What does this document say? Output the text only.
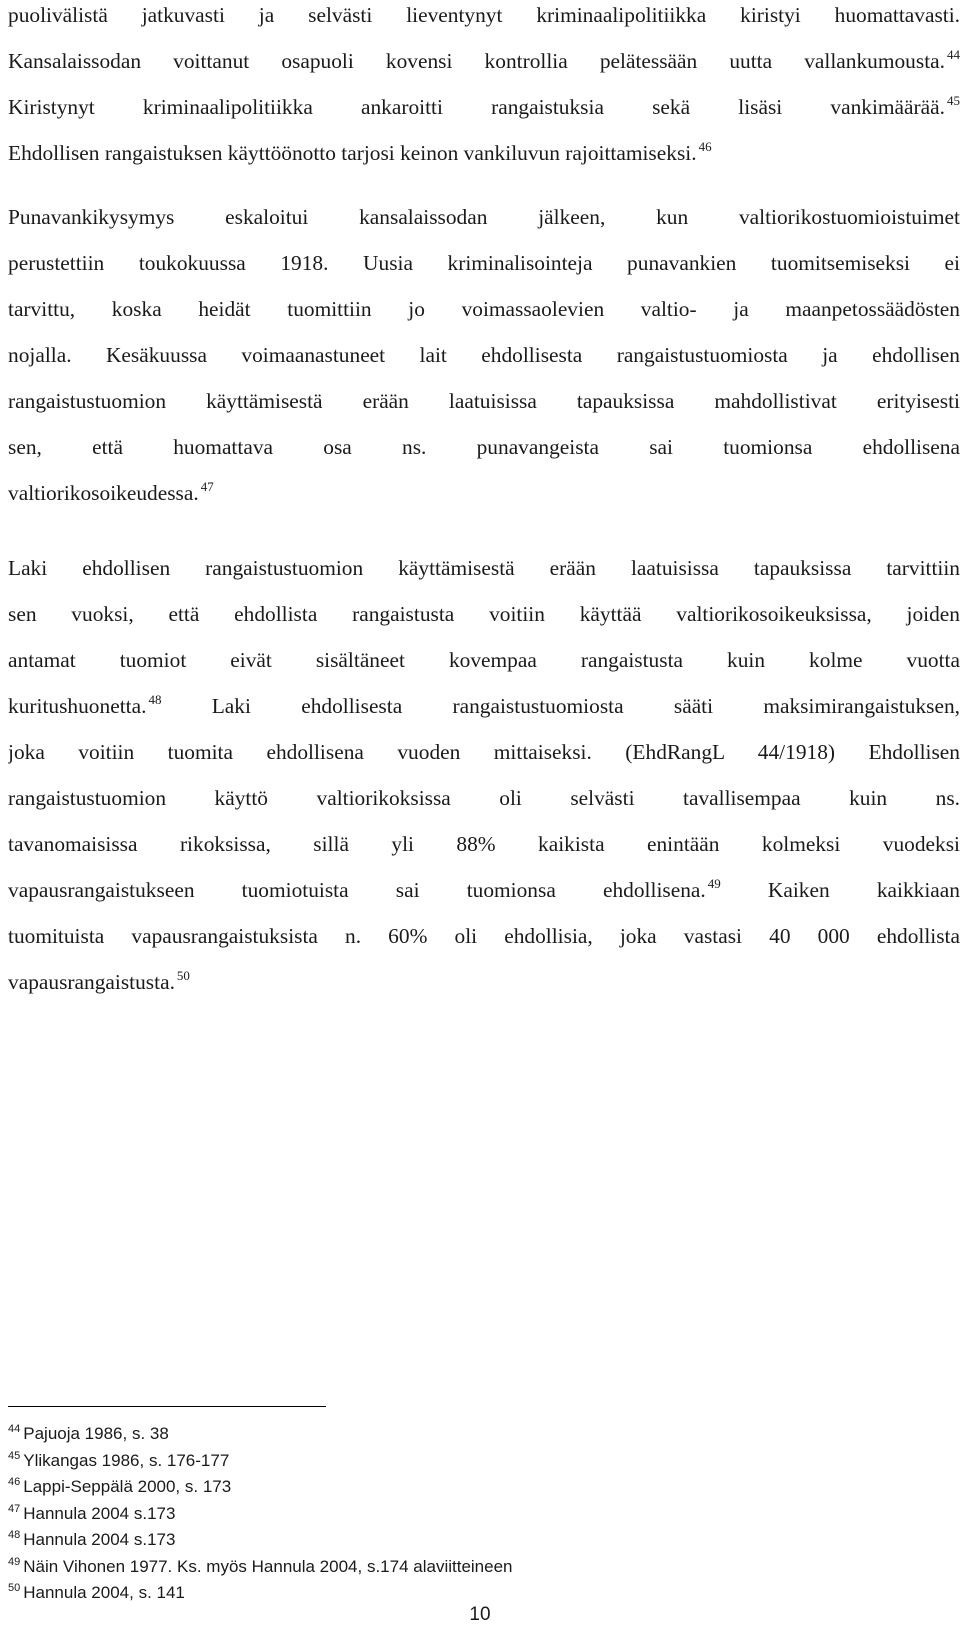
puolivälistä jatkuvasti ja selvästi lieventynyt kriminaalipolitiikka kiristyi huomattavasti.
Kansalaissodan voittanut osapuoli kovensi kontrollia pelätessään uutta vallankumousta. $^{44}$
Kiristynyt kriminaalipolitiikka ankaroitti rangaistuksia sekä lisäsi vankimäärää. $^{45}$
Ehdollisen rangaistuksen käyttöönotto tarjosi keinon vankiluvun rajoittamiseksi. $^{46}$
Punavankikysymys eskaloitui kansalaissodan jälkeen, kun valtiorikostuomioistuimet
perustettiin toukokuussa 1918. Uusia kriminalisointeja punavankien tuomitsemiseksi ei
tarvittu, koska heidät tuomittiin jo voimassaolevien valtio- ja maanpetossäädösten
nojalla. Kesäkuussa voimaanastuneet lait ehdollisesta rangaistustuomiosta ja ehdollisen
rangaistustuomion käyttämisestä erään laatuisissa tapauksissa mahdollistivat erityisesti
sen, että huomattava osa ns. punavangeista sai tuomionsa ehdollisena
valtiorikosoikeudessa. $^{47}$
Laki ehdollisen rangaistustuomion käyttämisestä erään laatuisissa tapauksissa tarvittiin
sen vuoksi, että ehdollista rangaistusta voitiin käyttää valtiorikosoikeuksissa, joiden
antamat tuomiot eivät sisältäneet kovempaa rangaistusta kuin kolme vuotta
kuritushuonetta. $^{48}$ Laki ehdollisesta rangaistustuomiosta sääti maksimirangaistuksen,
joka voitiin tuomita ehdollisena vuoden mittaiseksi. (EhdRangL 44/1918) Ehdollisen
rangaistustuomion käyttö valtiorikoksissa oli selvästi tavallisempaa kuin ns.
tavanomaisissa rikoksissa, sillä yli 88% kaikista enintään kolmeksi vuodeksi
vapausrangaistukseen tuomiotuista sai tuomionsa ehdollisena. $^{49}$ Kaiken kaikkiaan
tuomituista vapausrangaistuksista n. 60% oli ehdollisia, joka vastasi 40 000 ehdollista
vapausrangaistusta. $^{50}$
$^{44}$ Pajuoja 1986, s. 38
$^{45}$ Ylikangas 1986, s. 176-177
$^{46}$ Lappi-Seppälä 2000, s. 173
$^{47}$ Hannula 2004 s.173
$^{48}$ Hannula 2004 s.173
$^{49}$ Näin Vihonen 1977. Ks. myös Hannula 2004, s.174 alaviitteineen
$^{50}$ Hannula 2004, s. 141
10
